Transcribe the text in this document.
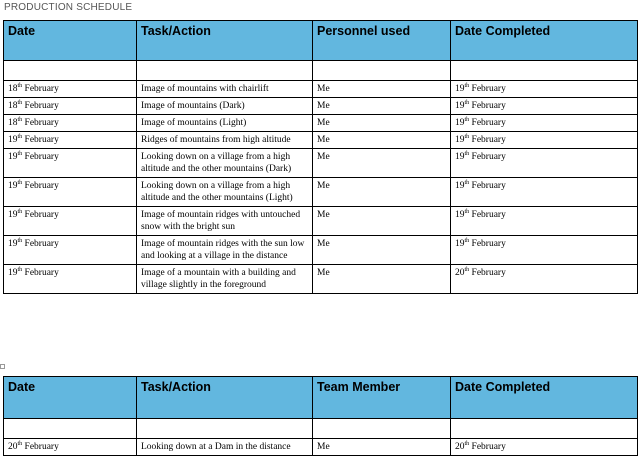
PRODUCTION SCHEDULE
Date	Task/Action	Personnel used	Date Completed

18th February	Image of mountains with chairlift	Me	19th February
18th February	Image of mountains (Dark)	Me	19th February
18th February	Image of mountains (Light)	Me	19th February
19th February	Ridges of mountains from high altitude	Me	19th February
19th February	Looking down on a village from a high altitude and the other mountains (Dark)	Me	19th February
19th February	Looking down on a village from a high altitude and the other mountains (Light)	Me	19th February
19th February	Image of mountain ridges with untouched snow with the bright sun	Me	19th February
19th February	Image of mountain ridges with the sun low and looking at a village in the distance	Me	19th February
19th February	Image of a mountain with a building and village slightly in the foreground	Me	20th February
Date	Task/Action	Team Member	Date Completed

20th February	Looking down at a Dam in the distance	Me	20th February
